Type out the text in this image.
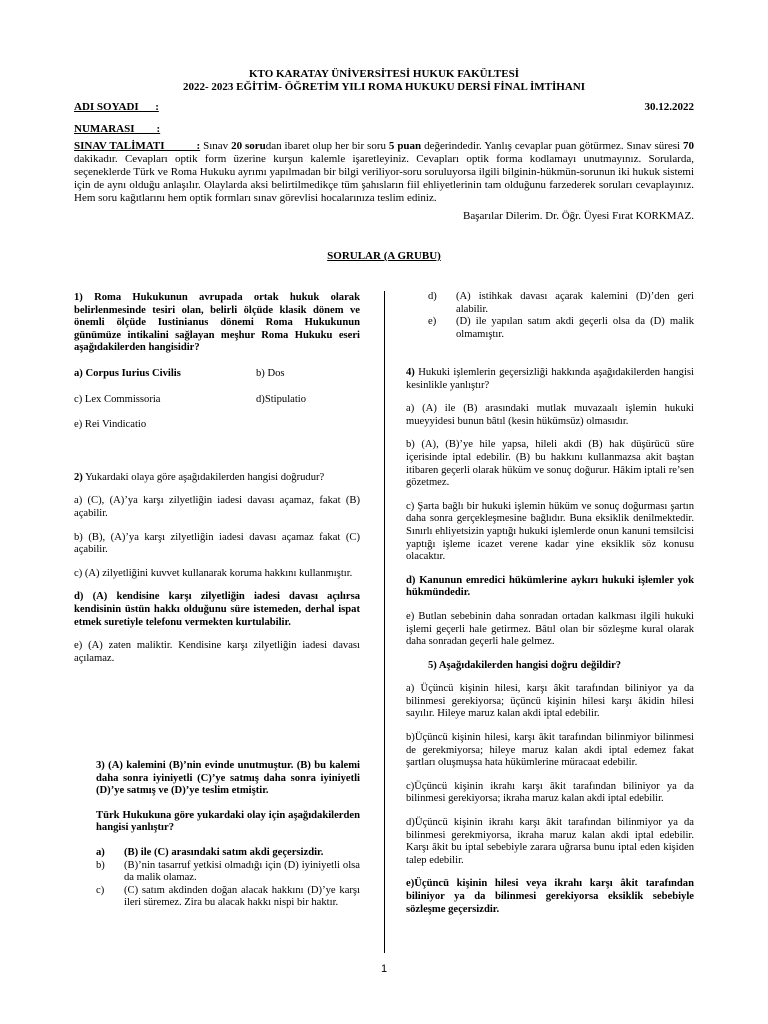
KTO KARATAY ÜNİVERSİTESİ HUKUK FAKÜLTESİ
2022- 2023 EĞİTİM- ÖĞRETİM YILI ROMA HUKUKU DERSİ FİNAL İMTİHANI
ADI SOYADI      :	30.12.2022
NUMARASI        :
SINAV TALİMATI           : Sınav 20 sorudan ibaret olup her bir soru 5 puan değerindedir. Yanlış cevaplar puan götürmez. Sınav süresi 70 dakikadır. Cevapları optik form üzerine kurşun kalemle işaretleyiniz. Cevapları optik forma kodlamayı unutmayınız. Sorularda, seçeneklerde Türk ve Roma Hukuku ayrımı yapılmadan bir bilgi veriliyor-soru soruluyorsa ilgili bilginin-hükmün-sorunun iki hukuk sistemi için de aynı olduğu anlaşılır. Olaylarda aksi belirtilmedikçe tüm şahısların fiil ehliyetlerinin tam olduğunu farzederek soruları cevaplayınız. Hem soru kağıtlarını hem optik formları sınav görevlisi hocalarınıza teslim ediniz.
Başarılar Dilerim. Dr. Öğr. Üyesi Fırat KORKMAZ.
SORULAR (A GRUBU)

1) Roma Hukukunun avrupada ortak hukuk olarak belirlenmesinde tesiri olan, belirli ölçüde klasik dönem ve önemli ölçüde Iustinianus dönemi Roma Hukukunun günümüze intikalini sağlayan meşhur Roma Hukuku eseri aşağıdakilerden hangisidir?

a) Corpus Iurius Civilis	b) Dos
c) Lex Commissoria	d)Stipulatio

e) Rei Vindicatio

2) Yukardaki olaya göre aşağıdakilerden hangisi doğrudur?

a) (C), (A)’ya karşı zilyetliğin iadesi davası açamaz, fakat (B) açabilir.

b) (B), (A)’ya karşı zilyetliğin iadesi davası açamaz fakat (C) açabilir.

c) (A) zilyetliğini kuvvet kullanarak koruma hakkını kullanmıştır.

d) (A) kendisine karşı zilyetliğin iadesi davası açılırsa kendisinin üstün hakkı olduğunu süre istemeden, derhal ispat etmek suretiyle telefonu vermekten kurtulabilir.

e) (A) zaten maliktir. Kendisine karşı zilyetliğin iadesi davası açılamaz.

3) (A) kalemini (B)’nin evinde unutmuştur. (B) bu kalemi daha sonra iyiniyetli (C)’ye satmış daha sonra iyiniyetli (D)’ye satmış ve (D)’ye teslim etmiştir.

Türk Hukukuna göre yukardaki olay için aşağıdakilerden hangisi yanlıştır?

a)	(B) ile (C) arasındaki satım akdi geçersizdir.
b)	(B)’nin tasarruf yetkisi olmadığı için (D) iyiniyetli olsa da malik olamaz.
c)	(C) satım akdinden doğan alacak hakkını (D)’ye karşı ileri süremez. Zira bu alacak hakkı nispi bir haktır.
d)	(A) istihkak davası açarak kalemini (D)’den geri alabilir.
e)	(D) ile yapılan satım akdi geçerli olsa da (D) malik olmamıştır.

4) Hukuki işlemlerin geçersizliği hakkında aşağıdakilerden hangisi kesinlikle yanlıştır?

a) (A) ile (B) arasındaki mutlak muvazaalı işlemin hukuki mueyyidesi bunun bâtıl (kesin hükümsüz) olmasıdır.

b) (A), (B)’ye hile yapsa, hileli akdi (B) hak düşürücü süre içerisinde iptal edebilir. (B) bu hakkını kullanmazsa akit baştan itibaren geçerli olarak hüküm ve sonuç doğurur. Hâkim iptali re’sen gözetmez.

c) Şarta bağlı bir hukuki işlemin hüküm ve sonuç doğurması şartın daha sonra gerçekleşmesine bağlıdır. Buna eksiklik denilmektedir. Sınırlı ehliyetsizin yaptığı hukuki işlemlerde onun kanuni temsilcisi yaptığı işleme icazet verene kadar yine eksiklik söz konusu olacaktır.

d) Kanunun emredici hükümlerine aykırı hukuki işlemler yok hükmündedir.

e) Butlan sebebinin daha sonradan ortadan kalkması ilgili hukuki işlemi geçerli hale getirmez. Bâtıl olan bir sözleşme kural olarak daha sonradan geçerli hale gelmez.

5) Aşağıdakilerden hangisi doğru değildir?

a) Üçüncü kişinin hilesi, karşı âkit tarafından biliniyor ya da bilinmesi gerekiyorsa; üçüncü kişinin hilesi karşı âkidin hilesi sayılır. Hileye maruz kalan akdi iptal edebilir.

b)Üçüncü kişinin hilesi, karşı âkit tarafından bilinmiyor bilinmesi de gerekmiyorsa; hileye maruz kalan akdi iptal edemez fakat şartları oluşmuşsa hata hükümlerine müracaat edebilir.

c)Üçüncü kişinin ikrahı karşı âkit tarafından biliniyor ya da bilinmesi gerekiyorsa; ikraha maruz kalan akdi iptal edebilir.

d)Üçüncü kişinin ikrahı karşı âkit tarafından bilinmiyor ya da bilinmesi gerekmiyorsa, ikraha maruz kalan akdi iptal edebilir. Karşı âkit bu iptal sebebiyle zarara uğrarsa bunu iptal eden kişiden talep edebilir.

e)Üçüncü kişinin hilesi veya ikrahı karşı âkit tarafından biliniyor ya da bilinmesi gerekiyorsa eksiklik sebebiyle sözleşme geçersizdir.

1
